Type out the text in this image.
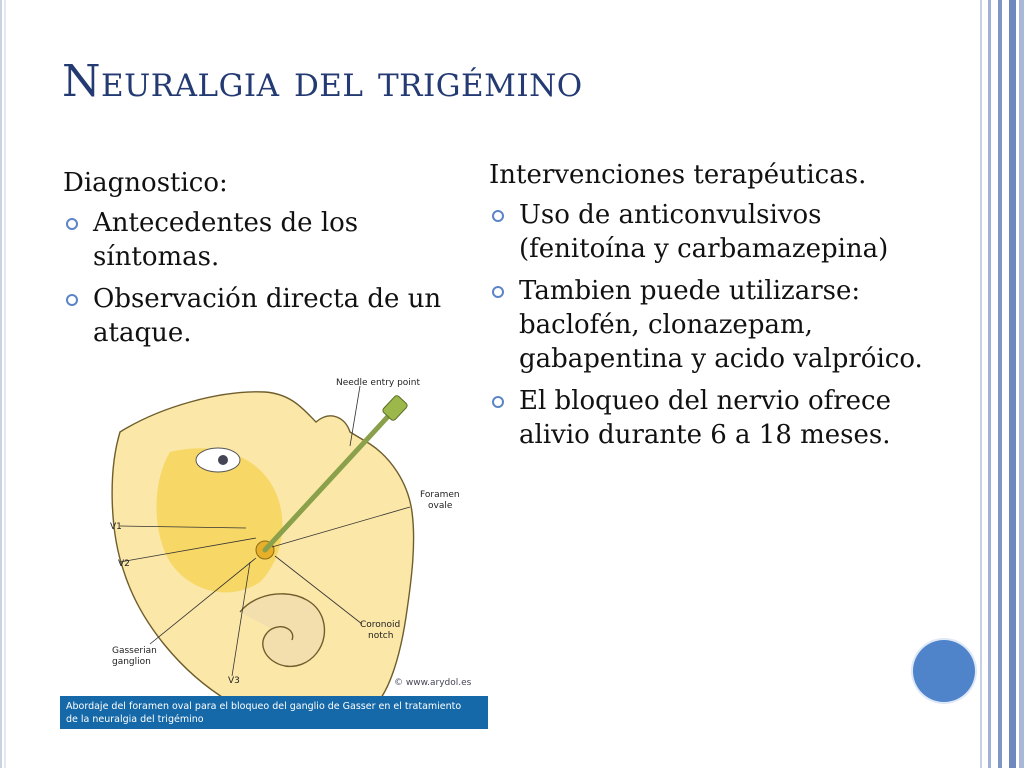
Neuralgia del trigémino
Diagnostico:
Antecedentes de los síntomas.
Observación directa de un ataque.
Intervenciones terapéuticas.
Uso de anticonvulsivos (fenitoína y carbamazepina)
Tambien puede utilizarse: baclofén, clonazepam, gabapentina y acido valpróico.
El bloqueo del nervio ofrece alivio durante 6 a 18 meses.
Needle entry point
Foramen
ovale
V1
V2
V3
Gasserian
ganglion
Coronoid
notch
© www.arydol.es
Abordaje del foramen oval para el bloqueo del ganglio de Gasser en el tratamiento
de la neuralgia del trigémino
